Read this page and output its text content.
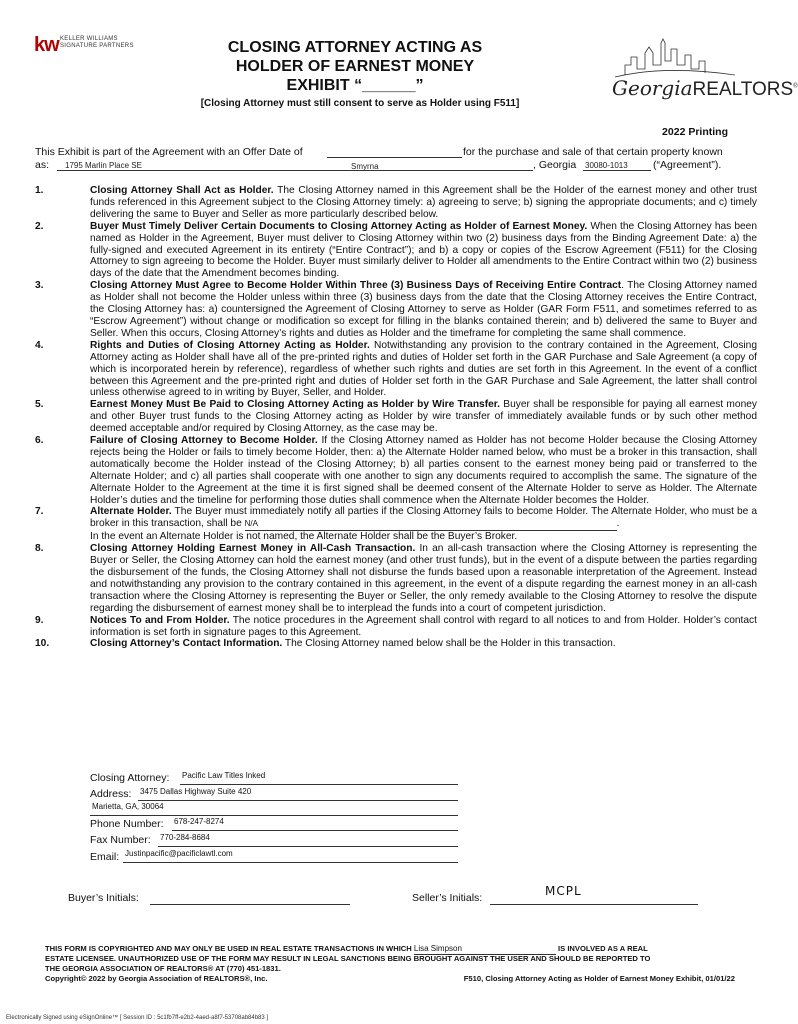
kw KELLER WILLIAMS
SIGNATURE PARTNERS	CLOSING ATTORNEY ACTING AS
HOLDER OF EARNEST MONEY
EXHIBIT “______”	GeorgiaREALTORS®
[Closing Attorney must still consent to serve as Holder using F511]
2022 Printing
This Exhibit is part of the Agreement with an Offer Date of	for the purchase and sale of that certain property known
as: 1795 Marlin Place SE	Smyrna	, Georgia 30080-1013 (“Agreement”).
1.	Closing Attorney Shall Act as Holder. The Closing Attorney named in this Agreement shall be the Holder of the earnest money and other trust funds referenced in this Agreement subject to the Closing Attorney timely: a) agreeing to serve; b) signing the appropriate documents; and c) timely delivering the same to Buyer and Seller as more particularly described below.
2.	Buyer Must Timely Deliver Certain Documents to Closing Attorney Acting as Holder of Earnest Money. When the Closing Attorney has been named as Holder in the Agreement, Buyer must deliver to Closing Attorney within two (2) business days from the Binding Agreement Date: a) the fully-signed and executed Agreement in its entirety (“Entire Contract”); and b) a copy or copies of the Escrow Agreement (F511) for the Closing Attorney to sign agreeing to become the Holder. Buyer must similarly deliver to Holder all amendments to the Entire Contract within two (2) business days of the date that the Amendment becomes binding.
3.	Closing Attorney Must Agree to Become Holder Within Three (3) Business Days of Receiving Entire Contract. The Closing Attorney named as Holder shall not become the Holder unless within three (3) business days from the date that the Closing Attorney receives the Entire Contract, the Closing Attorney has: a) countersigned the Agreement of Closing Attorney to serve as Holder (GAR Form F511, and sometimes referred to as “Escrow Agreement”) without change or modification so except for filling in the blanks contained therein; and b) delivered the same to Buyer and Seller. When this occurs, Closing Attorney’s rights and duties as Holder and the timeframe for completing the same shall commence.
4.	Rights and Duties of Closing Attorney Acting as Holder. Notwithstanding any provision to the contrary contained in the Agreement, Closing Attorney acting as Holder shall have all of the pre-printed rights and duties of Holder set forth in the GAR Purchase and Sale Agreement (a copy of which is incorporated herein by reference), regardless of whether such rights and duties are set forth in this Agreement. In the event of a conflict between this Agreement and the pre-printed right and duties of Holder set forth in the GAR Purchase and Sale Agreement, the latter shall control unless otherwise agreed to in writing by Buyer, Seller, and Holder.
5.	Earnest Money Must Be Paid to Closing Attorney Acting as Holder by Wire Transfer. Buyer shall be responsible for paying all earnest money and other Buyer trust funds to the Closing Attorney acting as Holder by wire transfer of immediately available funds or by such other method deemed acceptable and/or required by Closing Attorney, as the case may be.
6.	Failure of Closing Attorney to Become Holder. If the Closing Attorney named as Holder has not become Holder because the Closing Attorney rejects being the Holder or fails to timely become Holder, then: a) the Alternate Holder named below, who must be a broker in this transaction, shall automatically become the Holder instead of the Closing Attorney; b) all parties consent to the earnest money being paid or transferred to the Alternate Holder; and c) all parties shall cooperate with one another to sign any documents required to accomplish the same. The signature of the Alternate Holder to the Agreement at the time it is first signed shall be deemed consent of the Alternate Holder to serve as Holder. The Alternate Holder’s duties and the timeline for performing those duties shall commence when the Alternate Holder becomes the Holder.
7.	Alternate Holder. The Buyer must immediately notify all parties if the Closing Attorney fails to become Holder. The Alternate Holder, who must be a broker in this transaction, shall be N/A	.
In the event an Alternate Holder is not named, the Alternate Holder shall be the Buyer’s Broker.
8.	Closing Attorney Holding Earnest Money in All-Cash Transaction. In an all-cash transaction where the Closing Attorney is representing the Buyer or Seller, the Closing Attorney can hold the earnest money (and other trust funds), but in the event of a dispute between the parties regarding the disbursement of the funds, the Closing Attorney shall not disburse the funds based upon a reasonable interpretation of the Agreement. Instead and notwithstanding any provision to the contrary contained in this agreement, in the event of a dispute regarding the earnest money in an all-cash transaction where the Closing Attorney is representing the Buyer or Seller, the only remedy available to the Closing Attorney to resolve the dispute regarding the disbursement of earnest money shall be to interplead the funds into a court of competent jurisdiction.
9.	Notices To and From Holder. The notice procedures in the Agreement shall control with regard to all notices to and from Holder. Holder’s contact information is set forth in signature pages to this Agreement.
10.	Closing Attorney’s Contact Information. The Closing Attorney named below shall be the Holder in this transaction.
Closing Attorney: Pacific Law Titles Inked
Address: 3475 Dallas Highway Suite 420
Marietta, GA, 30064
Phone Number: 678-247-8274
Fax Number: 770-284-8684
Email: Justinpacific@pacificlawtl.com
Buyer’s Initials:	Seller’s Initials:	MCPL
THIS FORM IS COPYRIGHTED AND MAY ONLY BE USED IN REAL ESTATE TRANSACTIONS IN WHICH Lisa Simpson	IS INVOLVED AS A REAL
ESTATE LICENSEE. UNAUTHORIZED USE OF THE FORM MAY RESULT IN LEGAL SANCTIONS BEING BROUGHT AGAINST THE USER AND SHOULD BE REPORTED TO
THE GEORGIA ASSOCIATION OF REALTORS® AT (770) 451-1831.
Copyright© 2022 by Georgia Association of REALTORS®, Inc.	F510, Closing Attorney Acting as Holder of Earnest Money Exhibit, 01/01/22
Electronically Signed using eSignOnline™ [ Session ID : 5c1fb7ff-e2b2-4aed-a8f7-53708ab84b83 ]
